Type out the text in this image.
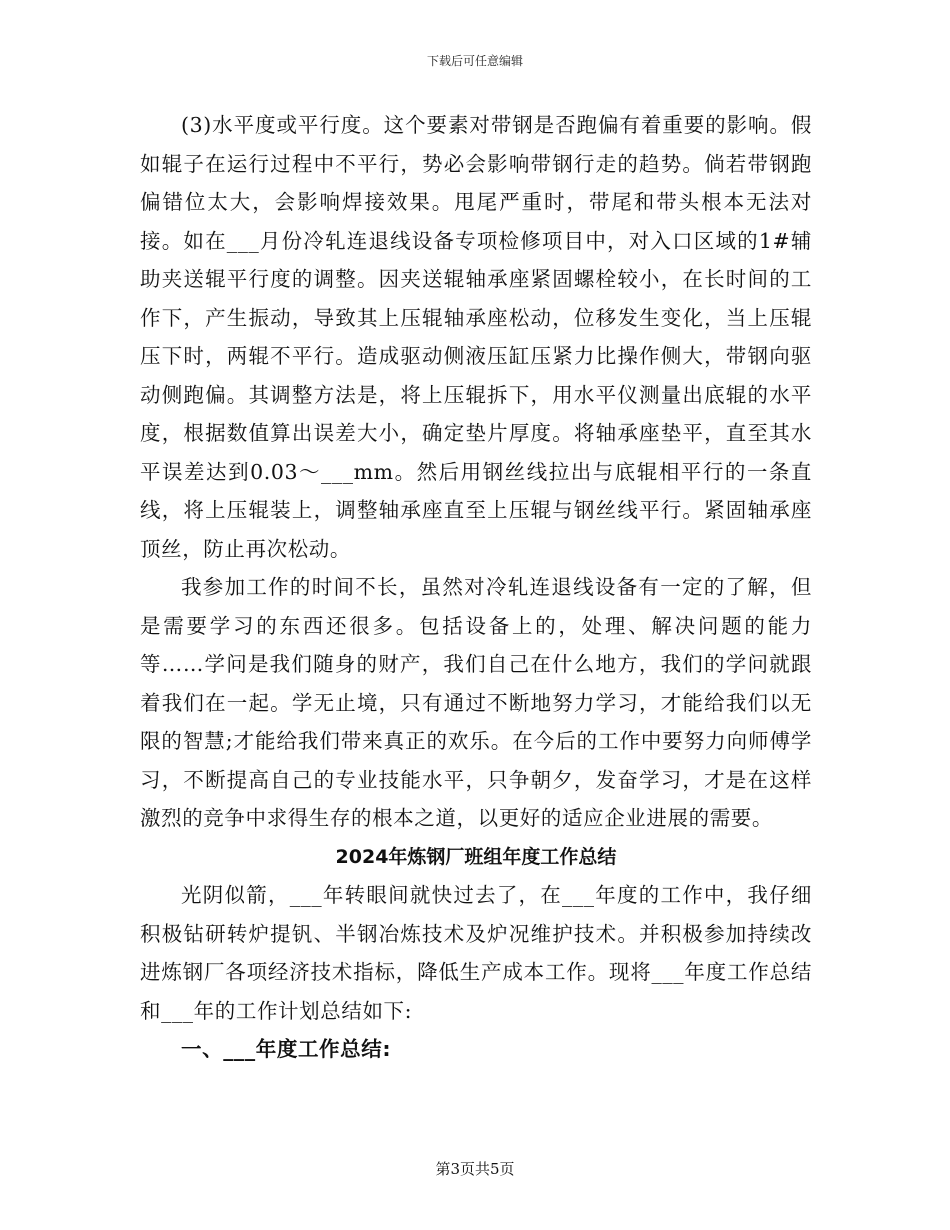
下载后可任意编辑

(3)水平度或平行度。这个要素对带钢是否跑偏有着重要的影响。假如辊子在运行过程中不平行，势必会影响带钢行走的趋势。倘若带钢跑偏错位太大，会影响焊接效果。甩尾严重时，带尾和带头根本无法对接。如在___月份冷轧连退线设备专项检修项目中，对入口区域的1#辅助夹送辊平行度的调整。因夹送辊轴承座紧固螺栓较小，在长时间的工作下，产生振动，导致其上压辊轴承座松动，位移发生变化，当上压辊压下时，两辊不平行。造成驱动侧液压缸压紧力比操作侧大，带钢向驱动侧跑偏。其调整方法是，将上压辊拆下，用水平仪测量出底辊的水平度，根据数值算出误差大小，确定垫片厚度。将轴承座垫平，直至其水平误差达到0.03～___mm。然后用钢丝线拉出与底辊相平行的一条直线，将上压辊装上，调整轴承座直至上压辊与钢丝线平行。紧固轴承座顶丝，防止再次松动。

我参加工作的时间不长，虽然对冷轧连退线设备有一定的了解，但是需要学习的东西还很多。包括设备上的，处理、解决问题的能力等……学问是我们随身的财产，我们自己在什么地方，我们的学问就跟着我们在一起。学无止境，只有通过不断地努力学习，才能给我们以无限的智慧;才能给我们带来真正的欢乐。在今后的工作中要努力向师傅学习，不断提高自己的专业技能水平，只争朝夕，发奋学习，才是在这样激烈的竞争中求得生存的根本之道，以更好的适应企业进展的需要。

2024年炼钢厂班组年度工作总结

光阴似箭，___年转眼间就快过去了，在___年度的工作中，我仔细积极钻研转炉提钒、半钢冶炼技术及炉况维护技术。并积极参加持续改进炼钢厂各项经济技术指标，降低生产成本工作。现将___年度工作总结和___年的工作计划总结如下:

一、___年度工作总结:

第3页共5页
